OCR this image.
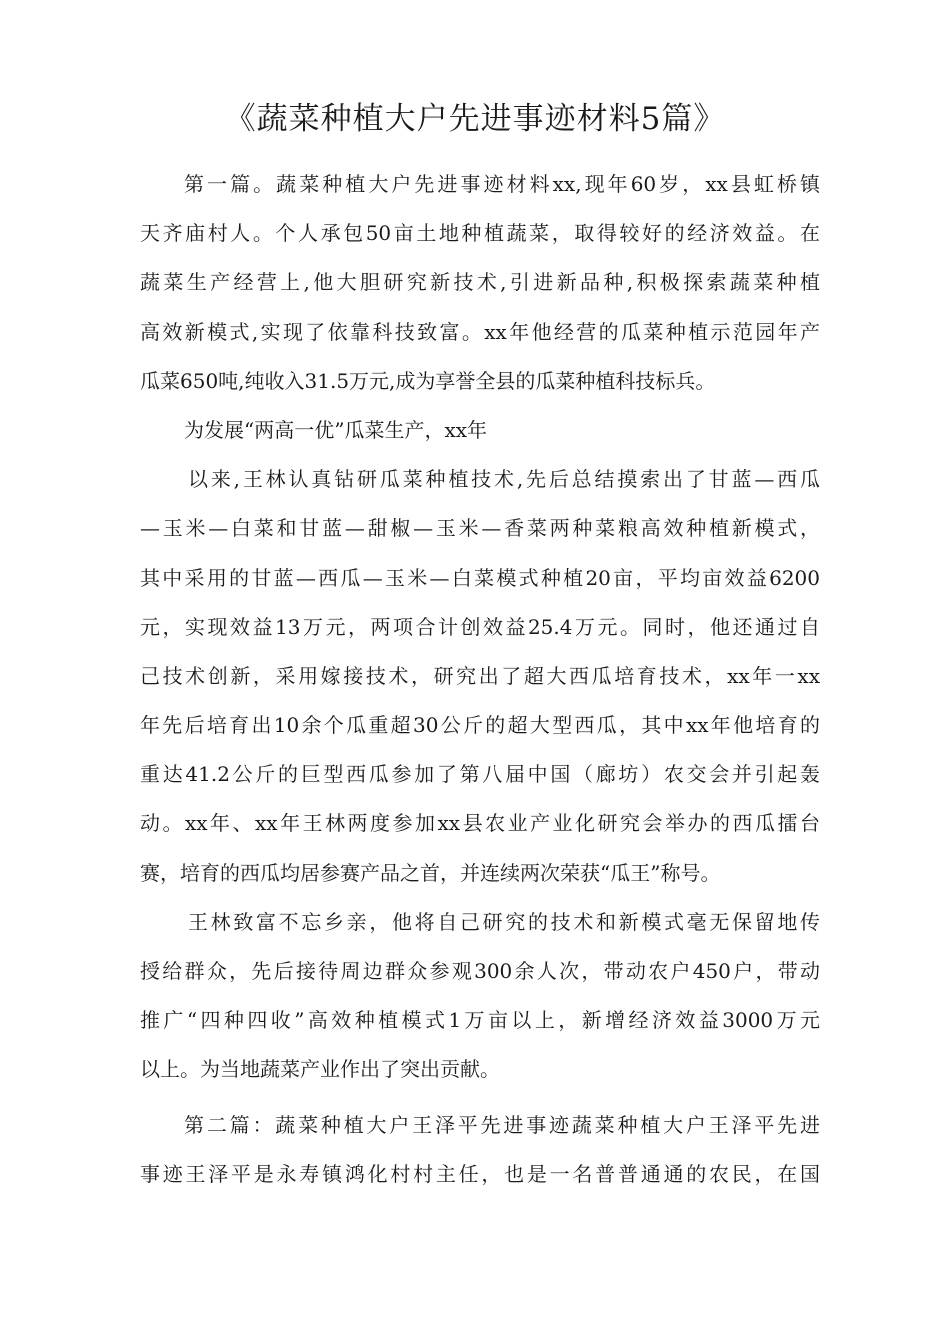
《蔬菜种植大户先进事迹材料5篇》
第一篇。蔬菜种植大户先进事迹材料xx,现年60岁，xx县虹桥镇
天齐庙村人。个人承包50亩土地种植蔬菜，取得较好的经济效益。在
蔬菜生产经营上,他大胆研究新技术,引进新品种,积极探索蔬菜种植
高效新模式,实现了依靠科技致富。xx年他经营的瓜菜种植示范园年产
瓜菜650吨,纯收入31.5万元,成为享誉全县的瓜菜种植科技标兵。
为发展“两高一优”瓜菜生产，xx年
以来,王林认真钻研瓜菜种植技术,先后总结摸索出了甘蓝—西瓜
—玉米—白菜和甘蓝—甜椒—玉米—香菜两种菜粮高效种植新模式，
其中采用的甘蓝—西瓜—玉米—白菜模式种植20亩，平均亩效益6200
元，实现效益13万元，两项合计创效益25.4万元。同时，他还通过自
己技术创新，采用嫁接技术，研究出了超大西瓜培育技术，xx年一xx
年先后培育出10余个瓜重超30公斤的超大型西瓜，其中xx年他培育的
重达41.2公斤的巨型西瓜参加了第八届中国（廊坊）农交会并引起轰
动。xx年、xx年王林两度参加xx县农业产业化研究会举办的西瓜擂台
赛，培育的西瓜均居参赛产品之首，并连续两次荣获“瓜王”称号。
王林致富不忘乡亲，他将自己研究的技术和新模式毫无保留地传
授给群众，先后接待周边群众参观300余人次，带动农户450户，带动
推广“四种四收”高效种植模式1万亩以上，新增经济效益3000万元
以上。为当地蔬菜产业作出了突出贡献。
第二篇：蔬菜种植大户王泽平先进事迹蔬菜种植大户王泽平先进
事迹王泽平是永寿镇鸿化村村主任，也是一名普普通通的农民，在国
